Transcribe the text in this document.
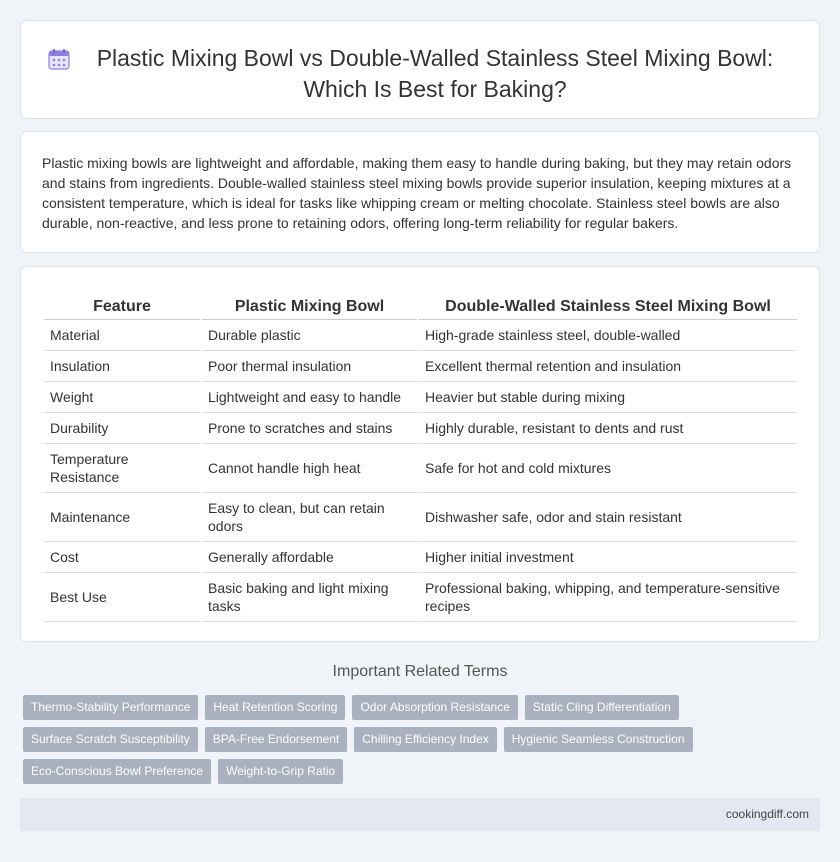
Plastic Mixing Bowl vs Double-Walled Stainless Steel Mixing Bowl: Which Is Best for Baking?

Plastic mixing bowls are lightweight and affordable, making them easy to handle during baking, but they may retain odors and stains from ingredients. Double-walled stainless steel mixing bowls provide superior insulation, keeping mixtures at a consistent temperature, which is ideal for tasks like whipping cream or melting chocolate. Stainless steel bowls are also durable, non-reactive, and less prone to retaining odors, offering long-term reliability for regular bakers.

Feature	Plastic Mixing Bowl	Double-Walled Stainless Steel Mixing Bowl
Material	Durable plastic	High-grade stainless steel, double-walled
Insulation	Poor thermal insulation	Excellent thermal retention and insulation
Weight	Lightweight and easy to handle	Heavier but stable during mixing
Durability	Prone to scratches and stains	Highly durable, resistant to dents and rust
Temperature Resistance	Cannot handle high heat	Safe for hot and cold mixtures
Maintenance	Easy to clean, but can retain odors	Dishwasher safe, odor and stain resistant
Cost	Generally affordable	Higher initial investment
Best Use	Basic baking and light mixing tasks	Professional baking, whipping, and temperature-sensitive recipes
Important Related Terms
Thermo-Stability Performance	Heat Retention Scoring	Odor Absorption Resistance	Static Cling Differentiation
Surface Scratch Susceptibility	BPA-Free Endorsement	Chilling Efficiency Index	Hygienic Seamless Construction
Eco-Conscious Bowl Preference	Weight-to-Grip Ratio
cookingdiff.com
